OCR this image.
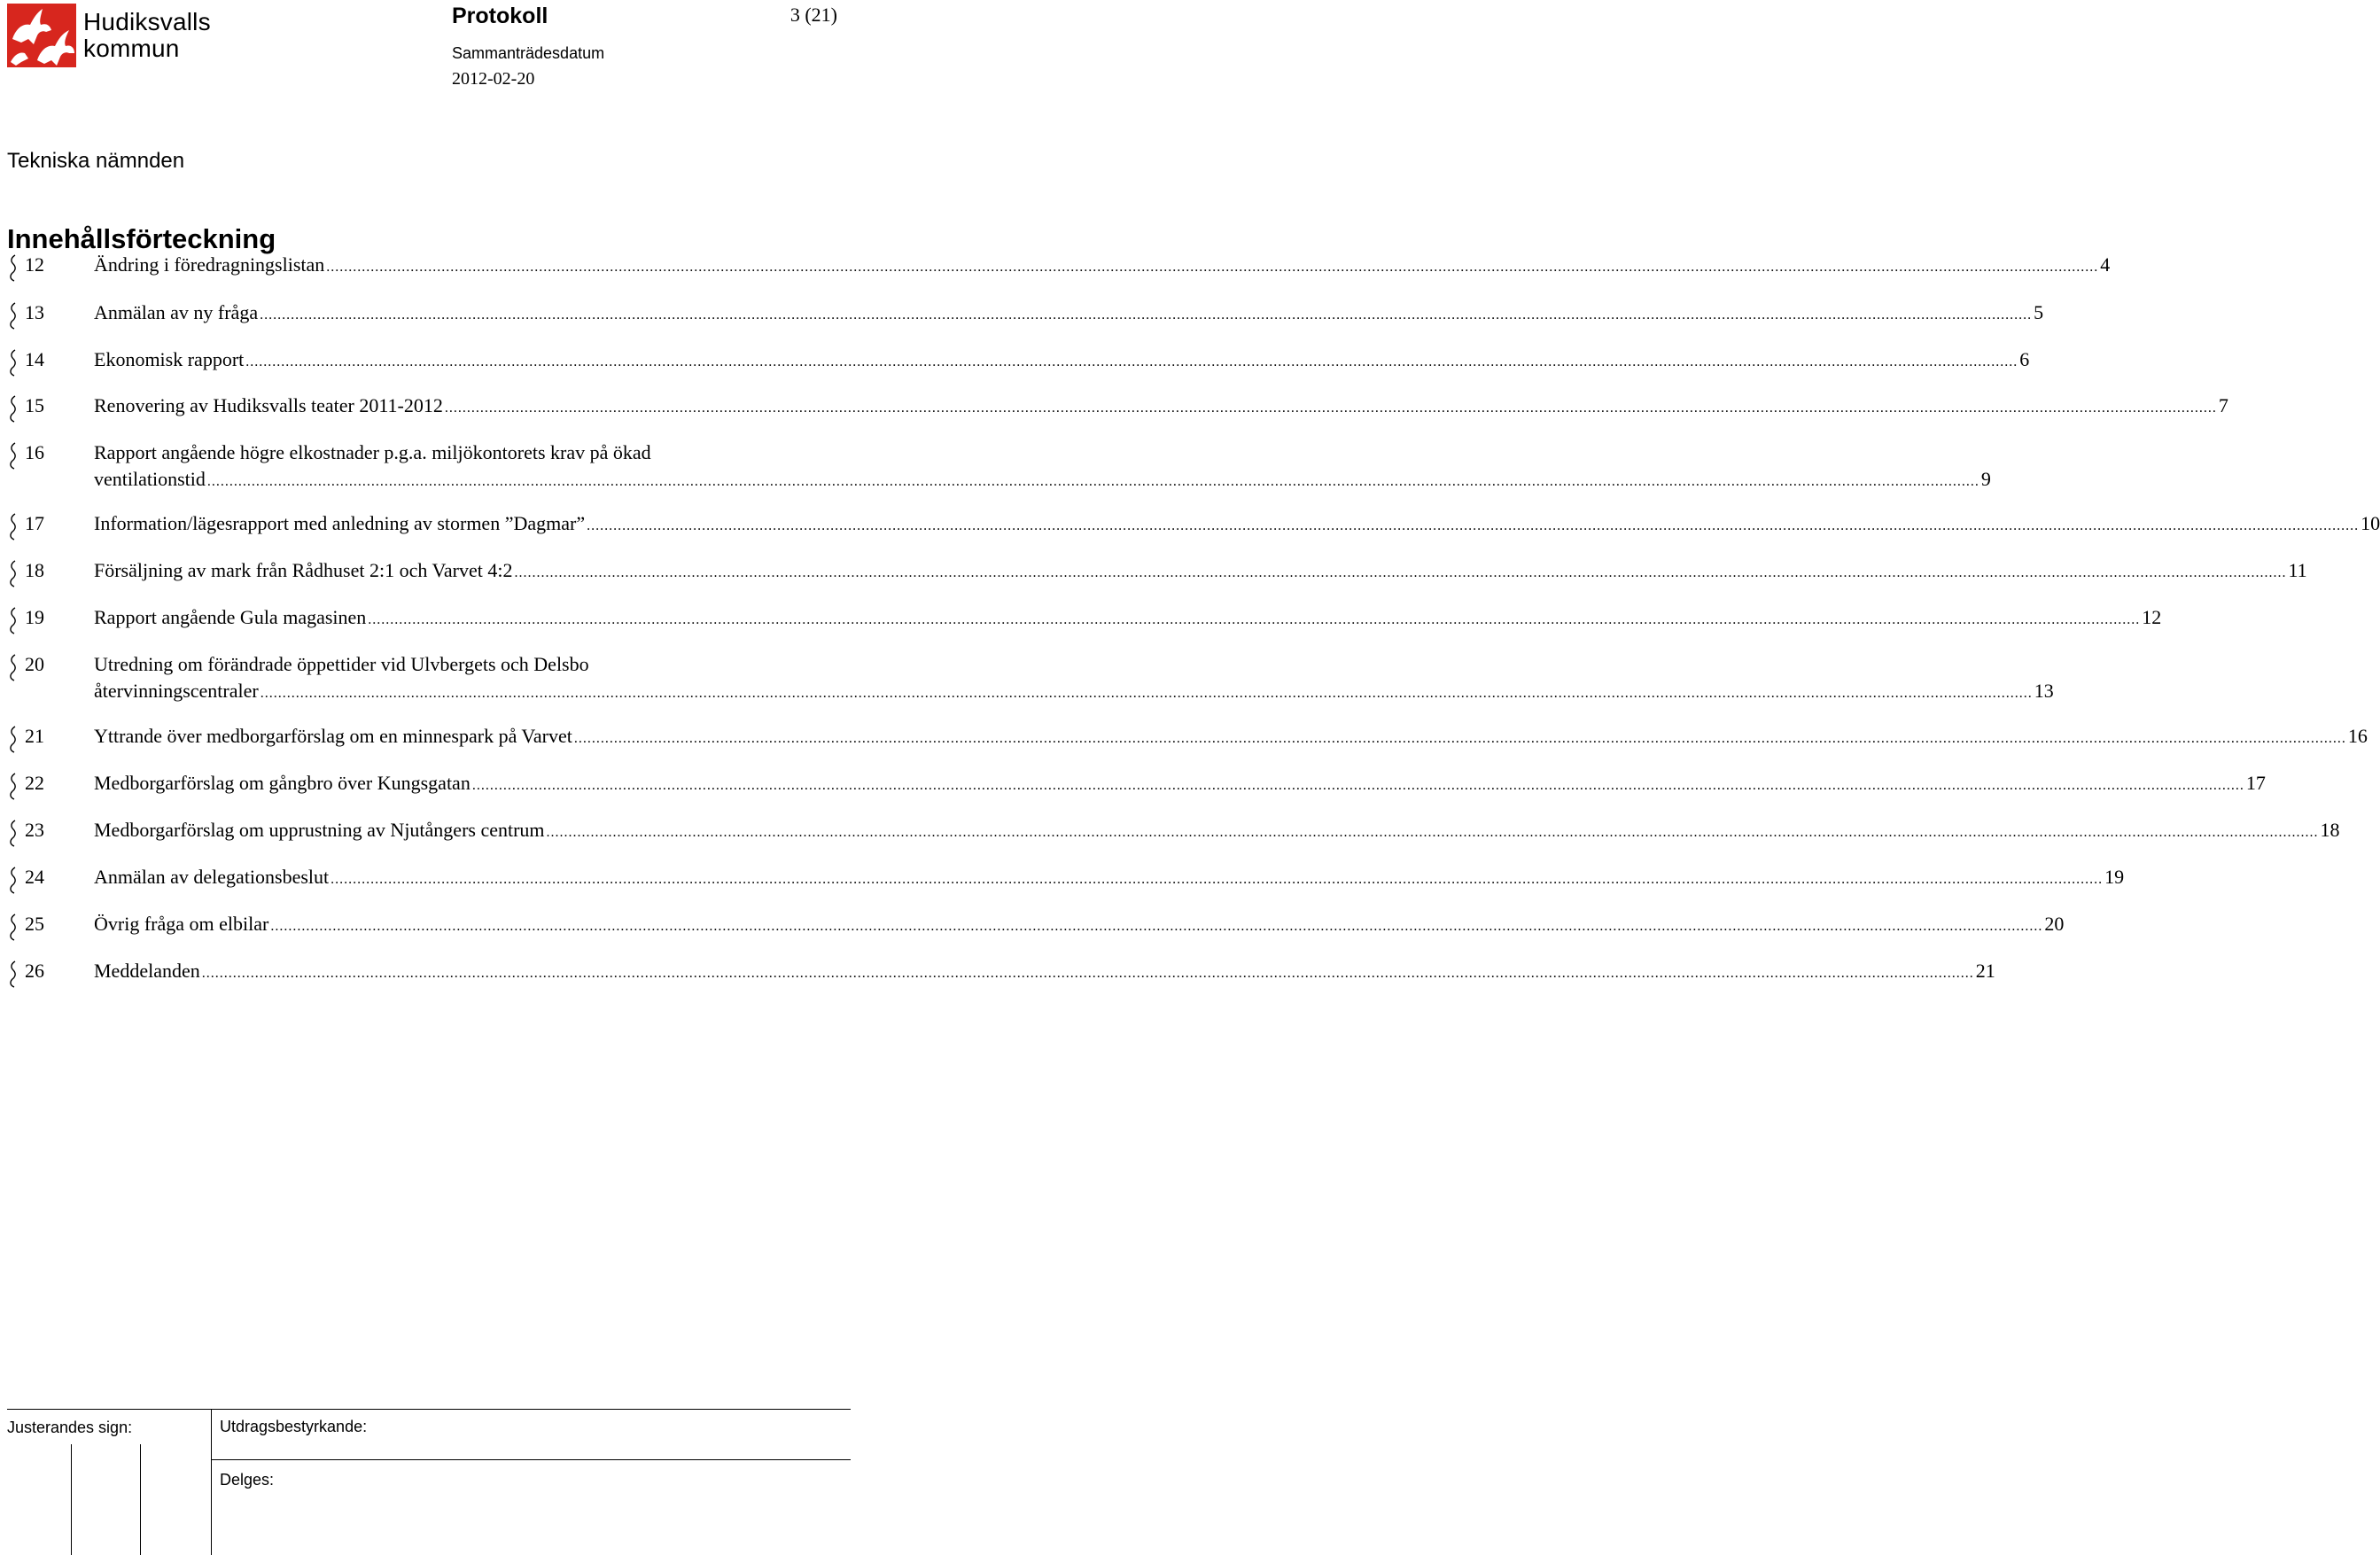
Hudiksvalls
kommun
Protokoll	3 (21)
Sammanträdesdatum
2012-02-20
Tekniska nämnden
Innehållsförteckning
12	Ändring i föredragningslistan ................................................................................................................................................................................................................................................................................................................................................................................................................ 4
13	Anmälan av ny fråga ................................................................................................................................................................................................................................................................................................................................................................................................................ 5
14	Ekonomisk rapport ................................................................................................................................................................................................................................................................................................................................................................................................................ 6
15	Renovering av Hudiksvalls teater 2011-2012 ................................................................................................................................................................................................................................................................................................................................................................................................................ 7
16	Rapport angående högre elkostnader p.g.a. miljökontorets krav på ökad
ventilationstid ................................................................................................................................................................................................................................................................................................................................................................................................................ 9
17	Information/lägesrapport med anledning av stormen ”Dagmar” ................................................................................................................................................................................................................................................................................................................................................................................................................ 10
18	Försäljning av mark från Rådhuset 2:1 och Varvet 4:2 ................................................................................................................................................................................................................................................................................................................................................................................................................ 11
19	Rapport angående Gula magasinen ................................................................................................................................................................................................................................................................................................................................................................................................................ 12
20	Utredning om förändrade öppettider vid Ulvbergets och Delsbo
återvinningscentraler ................................................................................................................................................................................................................................................................................................................................................................................................................ 13
21	Yttrande över medborgarförslag om en minnespark på Varvet ................................................................................................................................................................................................................................................................................................................................................................................................................ 16
22	Medborgarförslag om gångbro över Kungsgatan ................................................................................................................................................................................................................................................................................................................................................................................................................ 17
23	Medborgarförslag om upprustning av Njutångers centrum ................................................................................................................................................................................................................................................................................................................................................................................................................ 18
24	Anmälan av delegationsbeslut ................................................................................................................................................................................................................................................................................................................................................................................................................ 19
25	Övrig fråga om elbilar ................................................................................................................................................................................................................................................................................................................................................................................................................ 20
26	Meddelanden ................................................................................................................................................................................................................................................................................................................................................................................................................ 21
Justerandes sign:	Utdragsbestyrkande:
Delges:
